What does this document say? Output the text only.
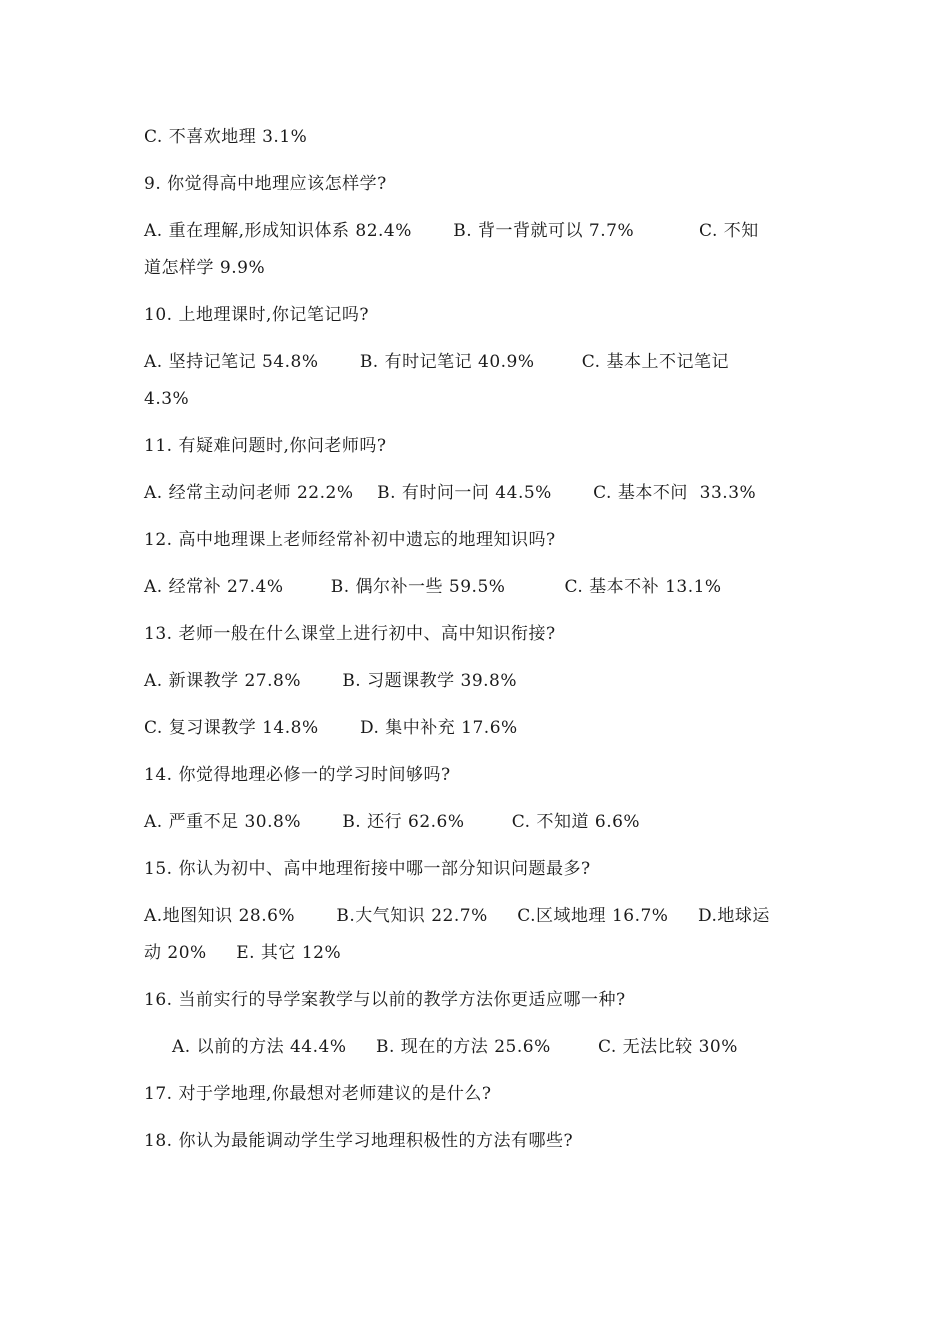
C. 不喜欢地理 3.1%
9. 你觉得高中地理应该怎样学?
A. 重在理解,形成知识体系 82.4%       B. 背一背就可以 7.7%           C. 不知
道怎样学 9.9%
10. 上地理课时,你记笔记吗?
A. 坚持记笔记 54.8%       B. 有时记笔记 40.9%        C. 基本上不记笔记
4.3%
11. 有疑难问题时,你问老师吗?
A. 经常主动问老师 22.2%    B. 有时问一问 44.5%       C. 基本不问  33.3%
12. 高中地理课上老师经常补初中遗忘的地理知识吗?
A. 经常补 27.4%        B. 偶尔补一些 59.5%          C. 基本不补 13.1%
13. 老师一般在什么课堂上进行初中、高中知识衔接?
A. 新课教学 27.8%       B. 习题课教学 39.8%
C. 复习课教学 14.8%       D. 集中补充 17.6%
14. 你觉得地理必修一的学习时间够吗?
A. 严重不足 30.8%       B. 还行 62.6%        C. 不知道 6.6%
15. 你认为初中、高中地理衔接中哪一部分知识问题最多?
A.地图知识 28.6%       B.大气知识 22.7%     C.区域地理 16.7%     D.地球运
动 20%     E. 其它 12%
16. 当前实行的导学案教学与以前的教学方法你更适应哪一种?
A. 以前的方法 44.4%     B. 现在的方法 25.6%        C. 无法比较 30%
17. 对于学地理,你最想对老师建议的是什么?
18. 你认为最能调动学生学习地理积极性的方法有哪些?
